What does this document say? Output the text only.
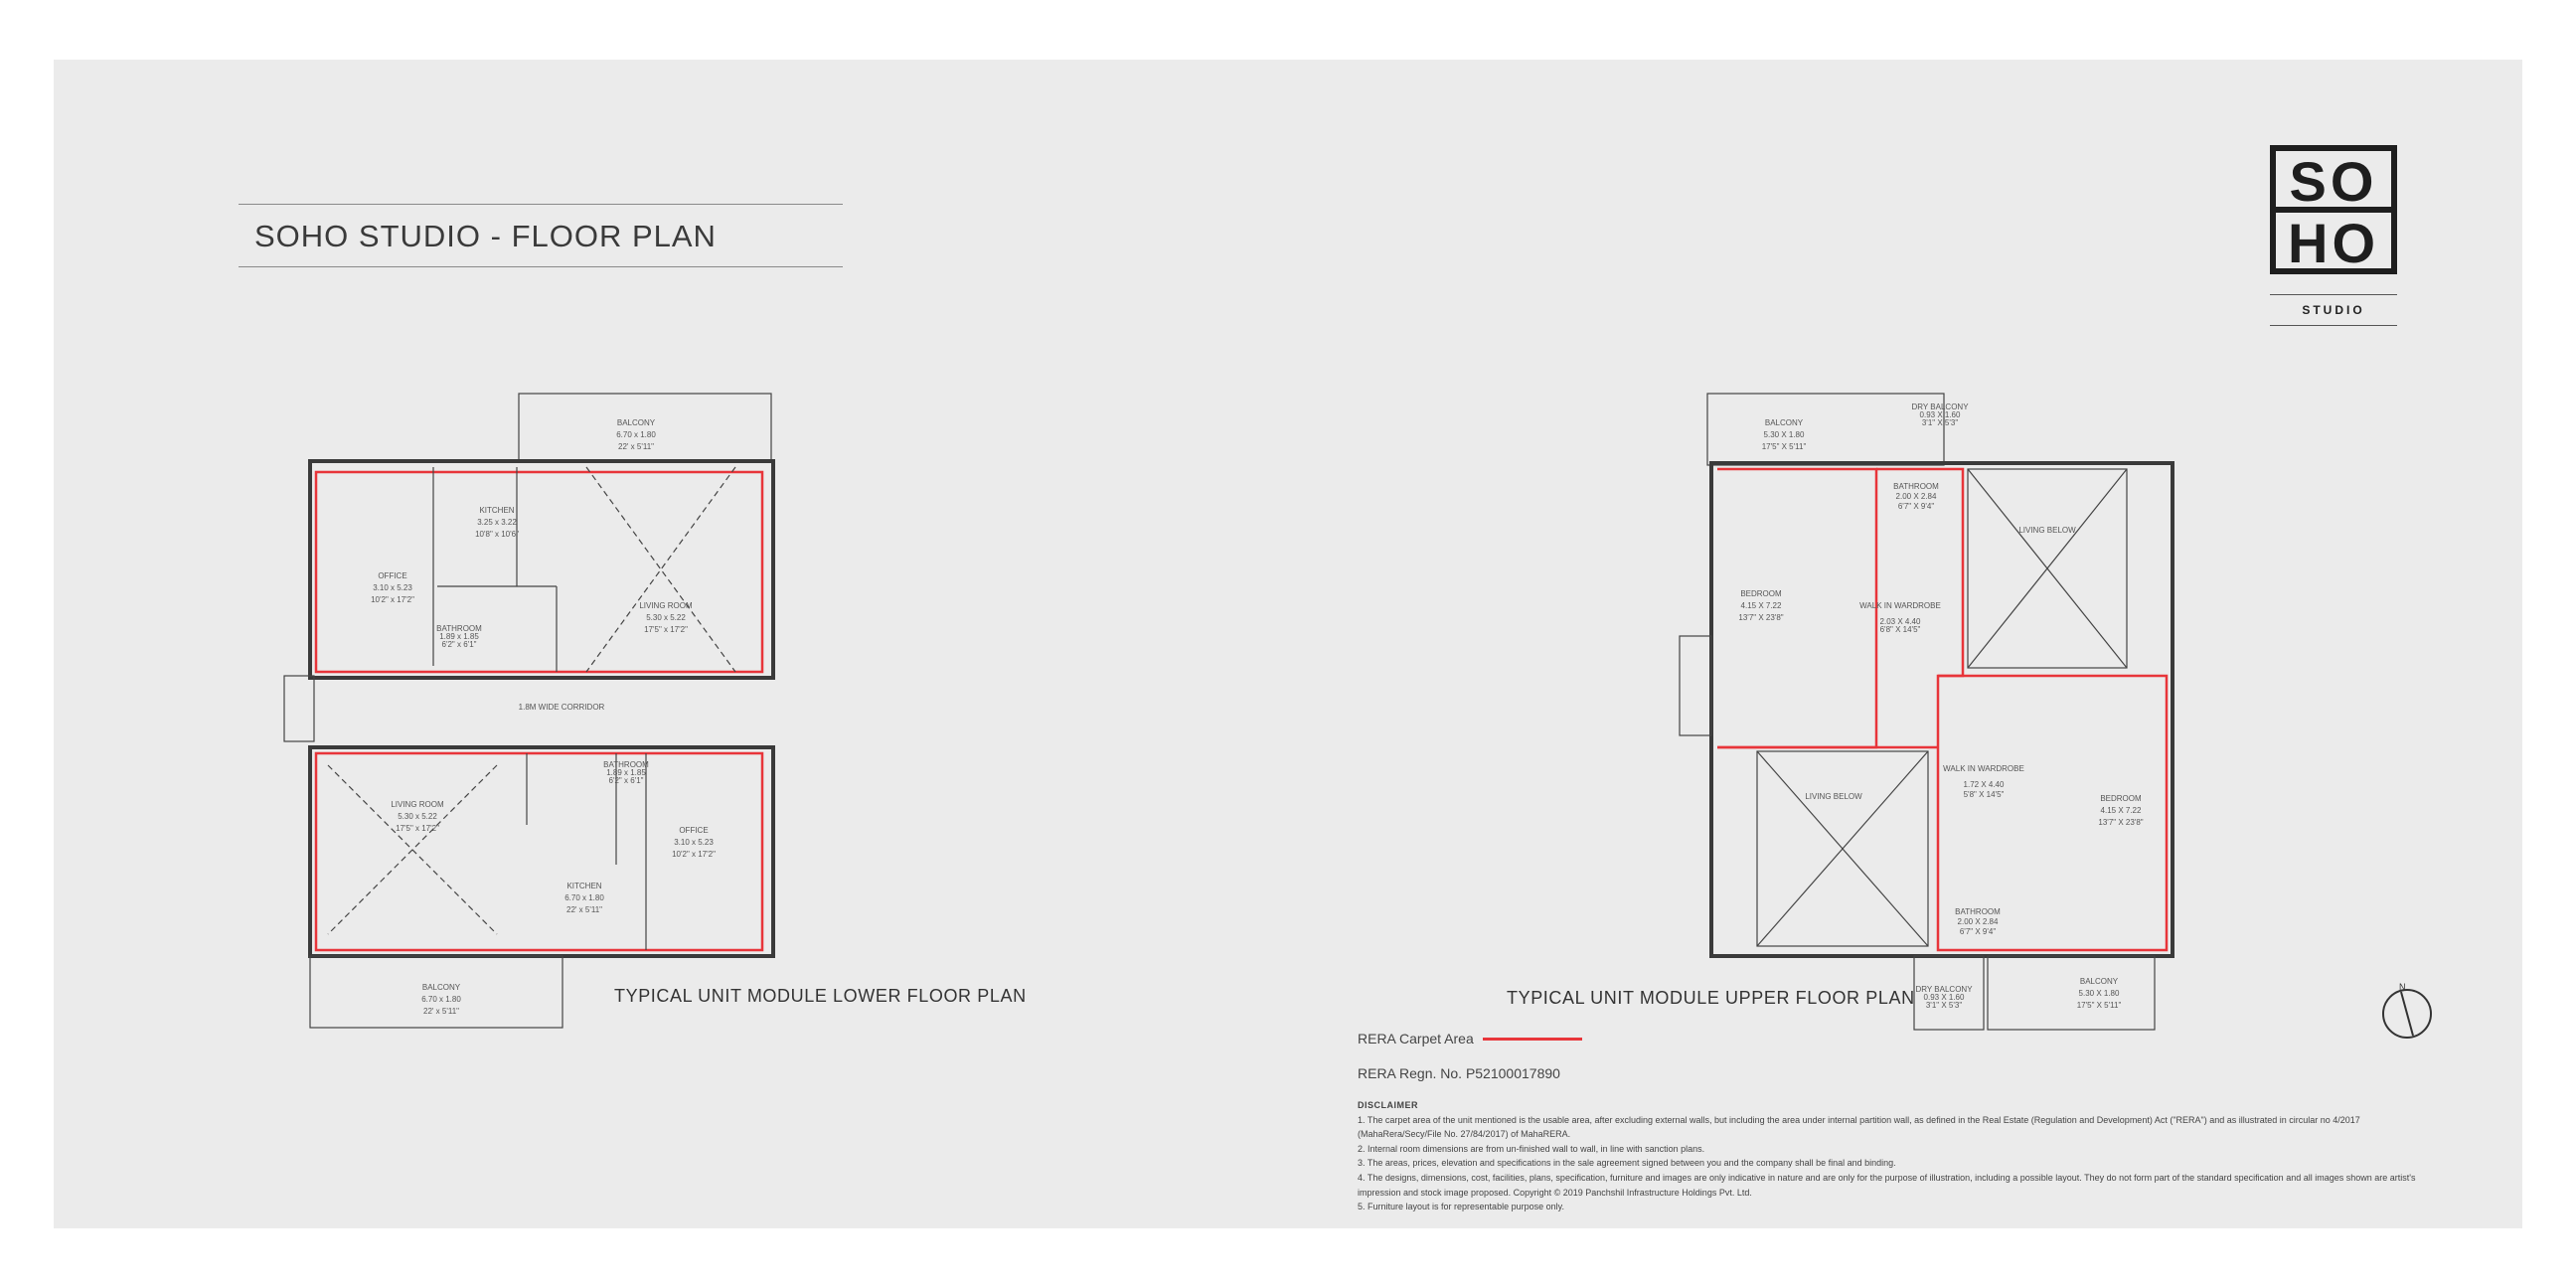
SOHO STUDIO - FLOOR PLAN
SO
HO
STUDIO
BALCONY
6.70 x 1.80
22' x 5'11"
KITCHEN
3.25 x 3.22
10'8" x 10'6"
OFFICE
3.10 x 5.23
10'2" x 17'2"
LIVING ROOM
5.30 x 5.22
17'5" x 17'2"
BATHROOM
1.89 x 1.85
6'2" x 6'1"
1.8M WIDE CORRIDOR
LIVING ROOM
5.30 x 5.22
17'5" x 17'2"
BATHROOM
1.89 x 1.85
6'2" x 6'1"
OFFICE
3.10 x 5.23
10'2" x 17'2"
KITCHEN
6.70 x 1.80
22' x 5'11"
BALCONY
6.70 x 1.80
22' x 5'11"
BALCONY
5.30 X 1.80
17'5" X 5'11"
DRY BALCONY
0.93 X 1.60
3'1" X 5'3"
BATHROOM
2.00 X 2.84
6'7" X 9'4"
LIVING BELOW
BEDROOM
4.15 X 7.22
13'7" X 23'8"
WALK IN WARDROBE
2.03 X 4.40
6'8" X 14'5"
LIVING BELOW
WALK IN WARDROBE
1.72 X 4.40
5'8" X 14'5"	BEDROOM
4.15 X 7.22
13'7" X 23'8"
BATHROOM
2.00 X 2.84
6'7" X 9'4"
DRY BALCONY
0.93 X 1.60
3'1" X 5'3"
BALCONY
5.30 X 1.80
17'5" X 5'11"
TYPICAL UNIT MODULE LOWER FLOOR PLAN	TYPICAL UNIT MODULE UPPER FLOOR PLAN
N
RERA Carpet Area
RERA Regn. No. P52100017890
DISCLAIMER
1. The carpet area of the unit mentioned is the usable area, after excluding external walls, but including the area under internal partition wall, as defined in the Real Estate (Regulation and Development) Act ("RERA") and as illustrated in circular no 4/2017 (MahaRera/Secy/File No. 27/84/2017) of MahaRERA.
2. Internal room dimensions are from un-finished wall to wall, in line with sanction plans.
3. The areas, prices, elevation and specifications in the sale agreement signed between you and the company shall be final and binding.
4. The designs, dimensions, cost, facilities, plans, specification, furniture and images are only indicative in nature and are only for the purpose of illustration, including a possible layout. They do not form part of the standard specification and all images shown are artist's impression and stock image proposed. Copyright © 2019 Panchshil Infrastructure Holdings Pvt. Ltd.
5. Furniture layout is for representable purpose only.
